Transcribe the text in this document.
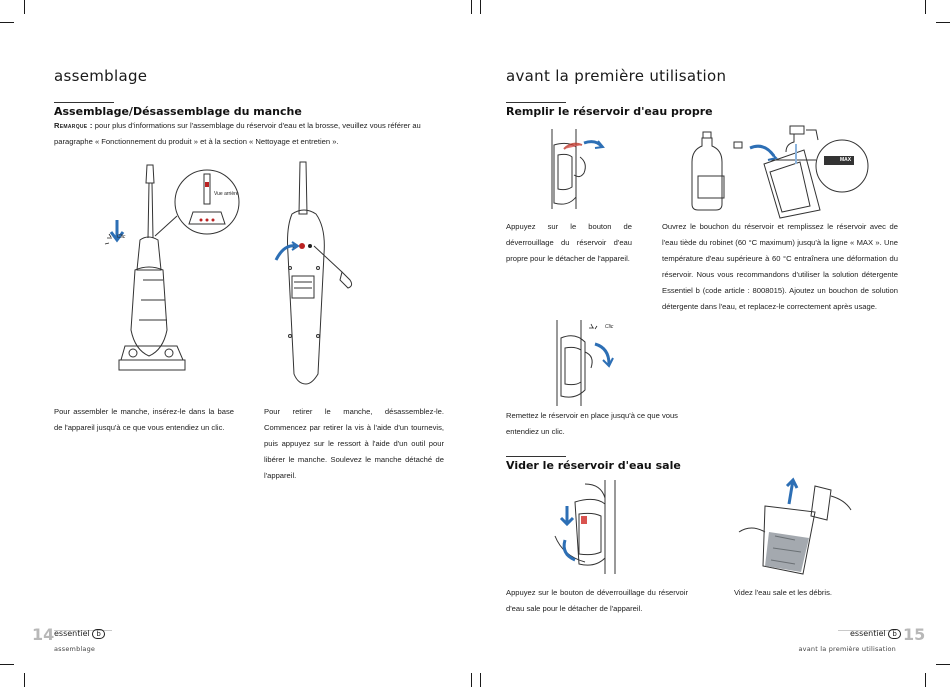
assemblage
Assemblage/Désassemblage du manche
Remarque : pour plus d'informations sur l'assemblage du réservoir d'eau et la brosse, veuillez vous référer au paragraphe « Fonctionnement du produit » et à la section « Nettoyage et entretien ».
Vue arrière
Clic
Pour assembler le manche, insérez-le dans la base de l'appareil jusqu'à ce que vous entendiez un clic.
Pour retirer le manche, désassemblez-le. Commencez par retirer la vis à l'aide d'un tournevis, puis appuyez sur le ressort à l'aide d'un outil pour libérer le manche. Soulevez le manche détaché de l'appareil.
14 essentiel b
assemblage
avant la première utilisation
Remplir le réservoir d'eau propre
MAX
Appuyez sur le bouton de déverrouillage du réservoir d'eau propre pour le détacher de l'appareil.
Ouvrez le bouchon du réservoir et remplissez le réservoir avec de l'eau tiède du robinet (60 °C maximum) jusqu'à la ligne « MAX ». Une température d'eau supérieure à 60 °C entraînera une déformation du réservoir. Nous vous recommandons d'utiliser la solution détergente Essentiel b (code article : 8008015). Ajoutez un bouchon de solution détergente dans l'eau, et replacez-le correctement après usage.
Clic
Remettez le réservoir en place jusqu'à ce que vous entendiez un clic.
Vider le réservoir d'eau sale
Appuyez sur le bouton de déverrouillage du réservoir d'eau sale pour le détacher de l'appareil.
Videz l'eau sale et les débris.
essentiel b 15
avant la première utilisation
